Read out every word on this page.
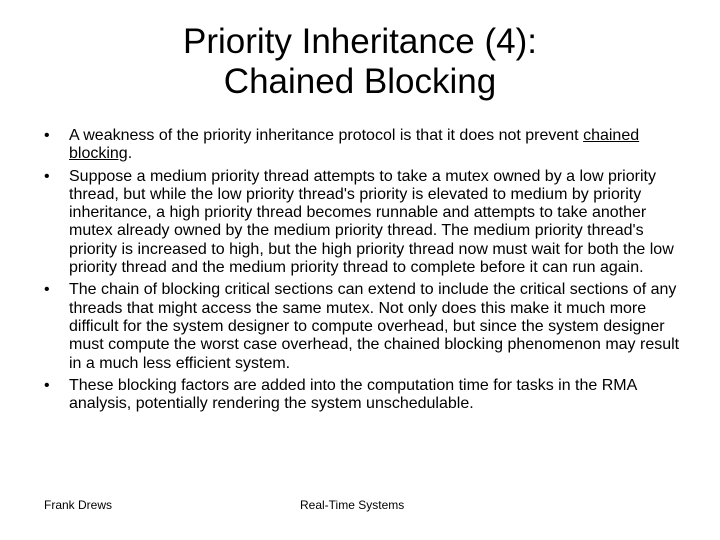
Priority Inheritance (4):
Chained Blocking
• A weakness of the priority inheritance protocol is that it does not prevent chained blocking.
• Suppose a medium priority thread attempts to take a mutex owned by a low priority thread, but while the low priority thread's priority is elevated to medium by priority inheritance, a high priority thread becomes runnable and attempts to take another mutex already owned by the medium priority thread. The medium priority thread's priority is increased to high, but the high priority thread now must wait for both the low priority thread and the medium priority thread to complete before it can run again.
• The chain of blocking critical sections can extend to include the critical sections of any threads that might access the same mutex. Not only does this make it much more difficult for the system designer to compute overhead, but since the system designer must compute the worst case overhead, the chained blocking phenomenon may result in a much less efficient system.
• These blocking factors are added into the computation time for tasks in the RMA analysis, potentially rendering the system unschedulable.
Frank Drews	Real-Time Systems
